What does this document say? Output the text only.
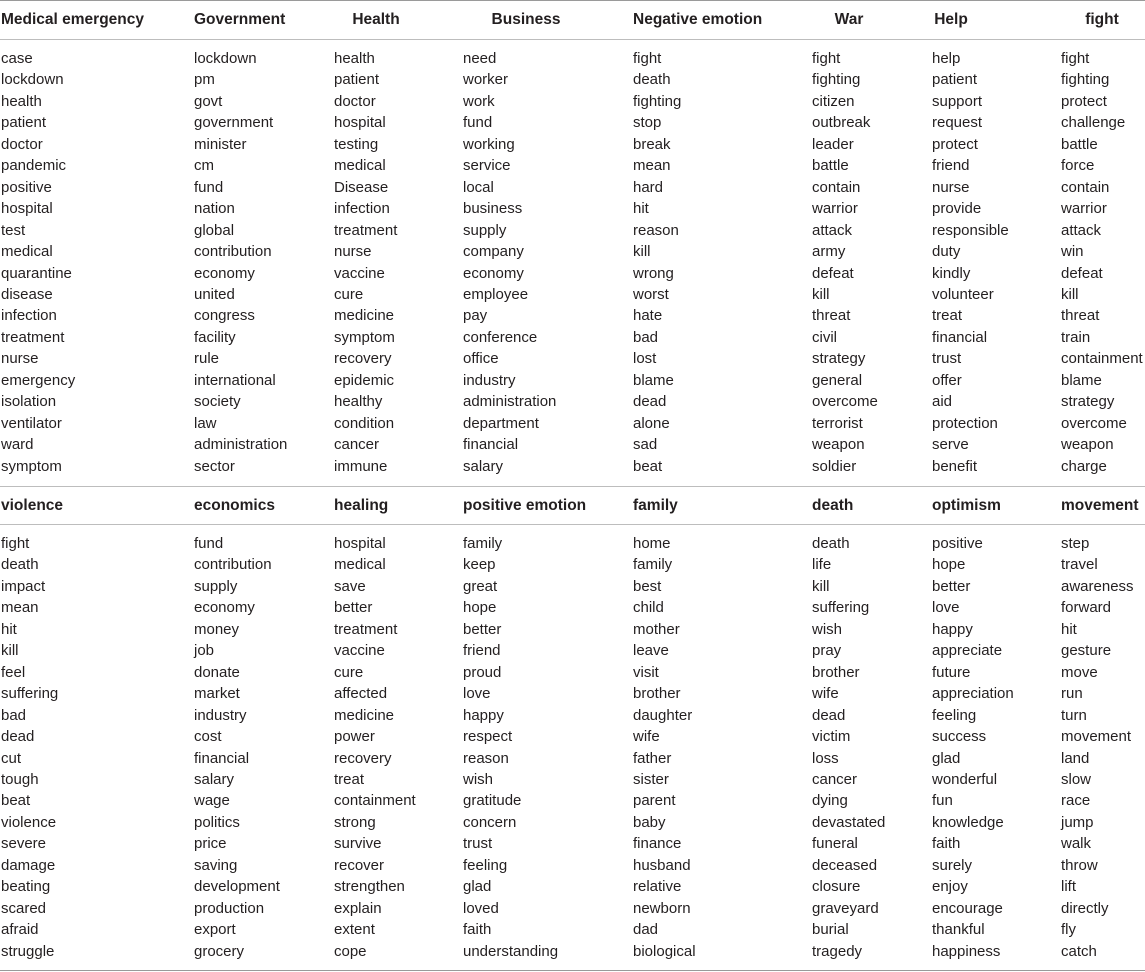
Medical emergency	Government	Health	Business	Negative emotion	War	Help	fight
case	lockdown	health	need	fight	fight	help	fight
lockdown	pm	patient	worker	death	fighting	patient	fighting
health	govt	doctor	work	fighting	citizen	support	protect
patient	government	hospital	fund	stop	outbreak	request	challenge
doctor	minister	testing	working	break	leader	protect	battle
pandemic	cm	medical	service	mean	battle	friend	force
positive	fund	Disease	local	hard	contain	nurse	contain
hospital	nation	infection	business	hit	warrior	provide	warrior
test	global	treatment	supply	reason	attack	responsible	attack
medical	contribution	nurse	company	kill	army	duty	win
quarantine	economy	vaccine	economy	wrong	defeat	kindly	defeat
disease	united	cure	employee	worst	kill	volunteer	kill
infection	congress	medicine	pay	hate	threat	treat	threat
treatment	facility	symptom	conference	bad	civil	financial	train
nurse	rule	recovery	office	lost	strategy	trust	containment
emergency	international	epidemic	industry	blame	general	offer	blame
isolation	society	healthy	administration	dead	overcome	aid	strategy
ventilator	law	condition	department	alone	terrorist	protection	overcome
ward	administration	cancer	financial	sad	weapon	serve	weapon
symptom	sector	immune	salary	beat	soldier	benefit	charge
violence	economics	healing	positive emotion	family	death	optimism	movement
fight	fund	hospital	family	home	death	positive	step
death	contribution	medical	keep	family	life	hope	travel
impact	supply	save	great	best	kill	better	awareness
mean	economy	better	hope	child	suffering	love	forward
hit	money	treatment	better	mother	wish	happy	hit
kill	job	vaccine	friend	leave	pray	appreciate	gesture
feel	donate	cure	proud	visit	brother	future	move
suffering	market	affected	love	brother	wife	appreciation	run
bad	industry	medicine	happy	daughter	dead	feeling	turn
dead	cost	power	respect	wife	victim	success	movement
cut	financial	recovery	reason	father	loss	glad	land
tough	salary	treat	wish	sister	cancer	wonderful	slow
beat	wage	containment	gratitude	parent	dying	fun	race
violence	politics	strong	concern	baby	devastated	knowledge	jump
severe	price	survive	trust	finance	funeral	faith	walk
damage	saving	recover	feeling	husband	deceased	surely	throw
beating	development	strengthen	glad	relative	closure	enjoy	lift
scared	production	explain	loved	newborn	graveyard	encourage	directly
afraid	export	extent	faith	dad	burial	thankful	fly
struggle	grocery	cope	understanding	biological	tragedy	happiness	catch
